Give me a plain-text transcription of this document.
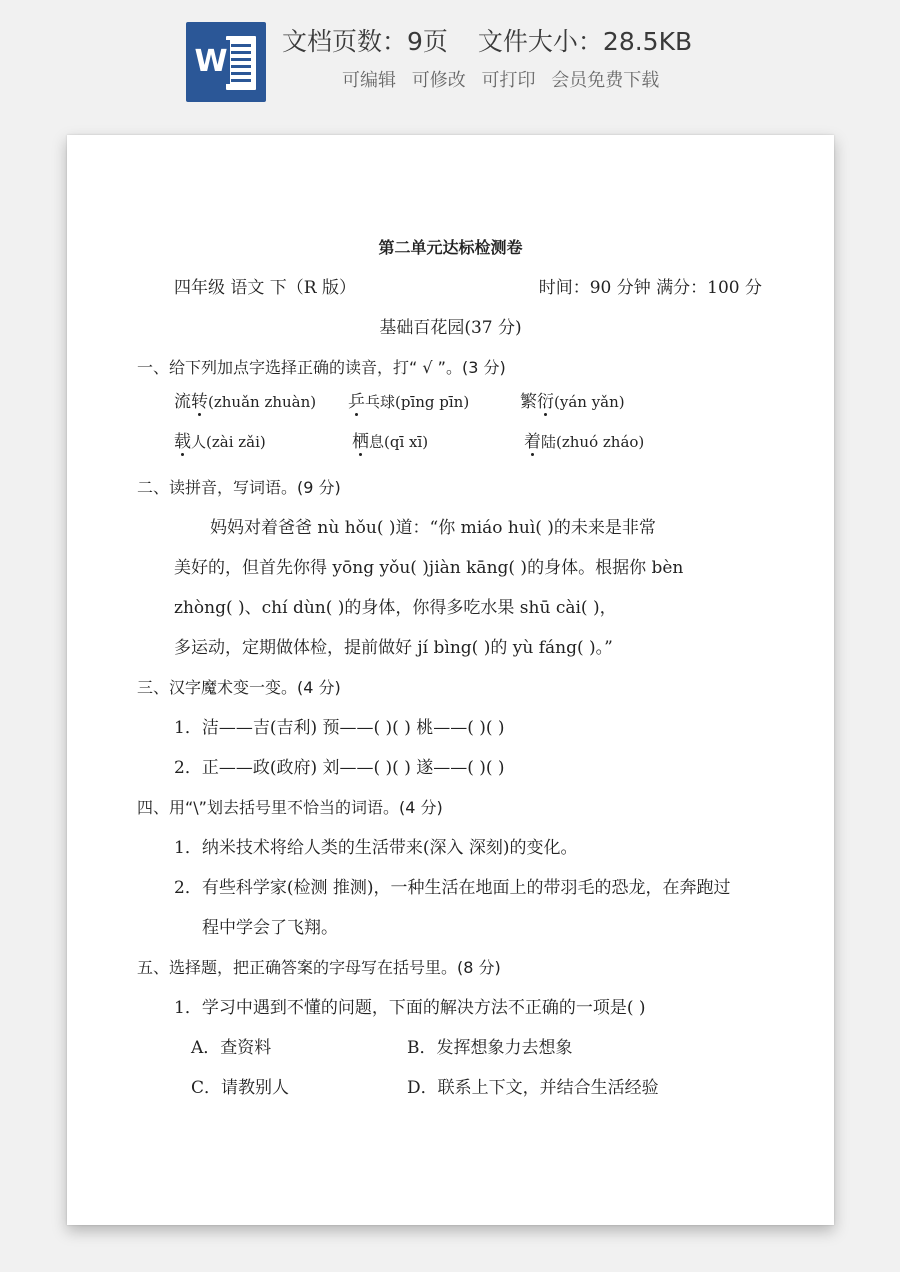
W
文档页数：9页 文件大小：28.5KB
可编辑 可修改 可打印 会员免费下载
第二单元达标检测卷
四年级 语文 下（R 版）	时间：90 分钟 满分：100 分
基础百花园(37 分)
一、给下列加点字选择正确的读音，打“ √ ”。(3 分)
流转(zhuǎn zhuàn) 乒乓球(pīng pīn)	繁衍(yán yǎn)
载人(zài zǎi)	栖息(qī xī)	着陆(zhuó zháo)
二、读拼音，写词语。(9 分)
妈妈对着爸爸 nù hǒu( )道：“你 miáo huì( )的未来是非常
美好的，但首先你得 yōng yǒu( )jiàn kāng( )的身体。根据你 bèn
zhòng( )、chí dùn( )的身体，你得多吃水果 shū cài( )，
多运动，定期做体检，提前做好 jí bìng( )的 yù fáng( )。”
三、汉字魔术变一变。(4 分)
1．洁——吉(吉利) 预——( )( ) 桃——( )( )
2．正——政(政府) 刘——( )( ) 遂——( )( )
四、用“\”划去括号里不恰当的词语。(4 分)
1．纳米技术将给人类的生活带来(深入 深刻)的变化。
2．有些科学家(检测 推测)，一种生活在地面上的带羽毛的恐龙，在奔跑过
程中学会了飞翔。
五、选择题，把正确答案的字母写在括号里。(8 分)
1．学习中遇到不懂的问题，下面的解决方法不正确的一项是( )
A．查资料	B．发挥想象力去想象
C．请教别人	D．联系上下文，并结合生活经验
